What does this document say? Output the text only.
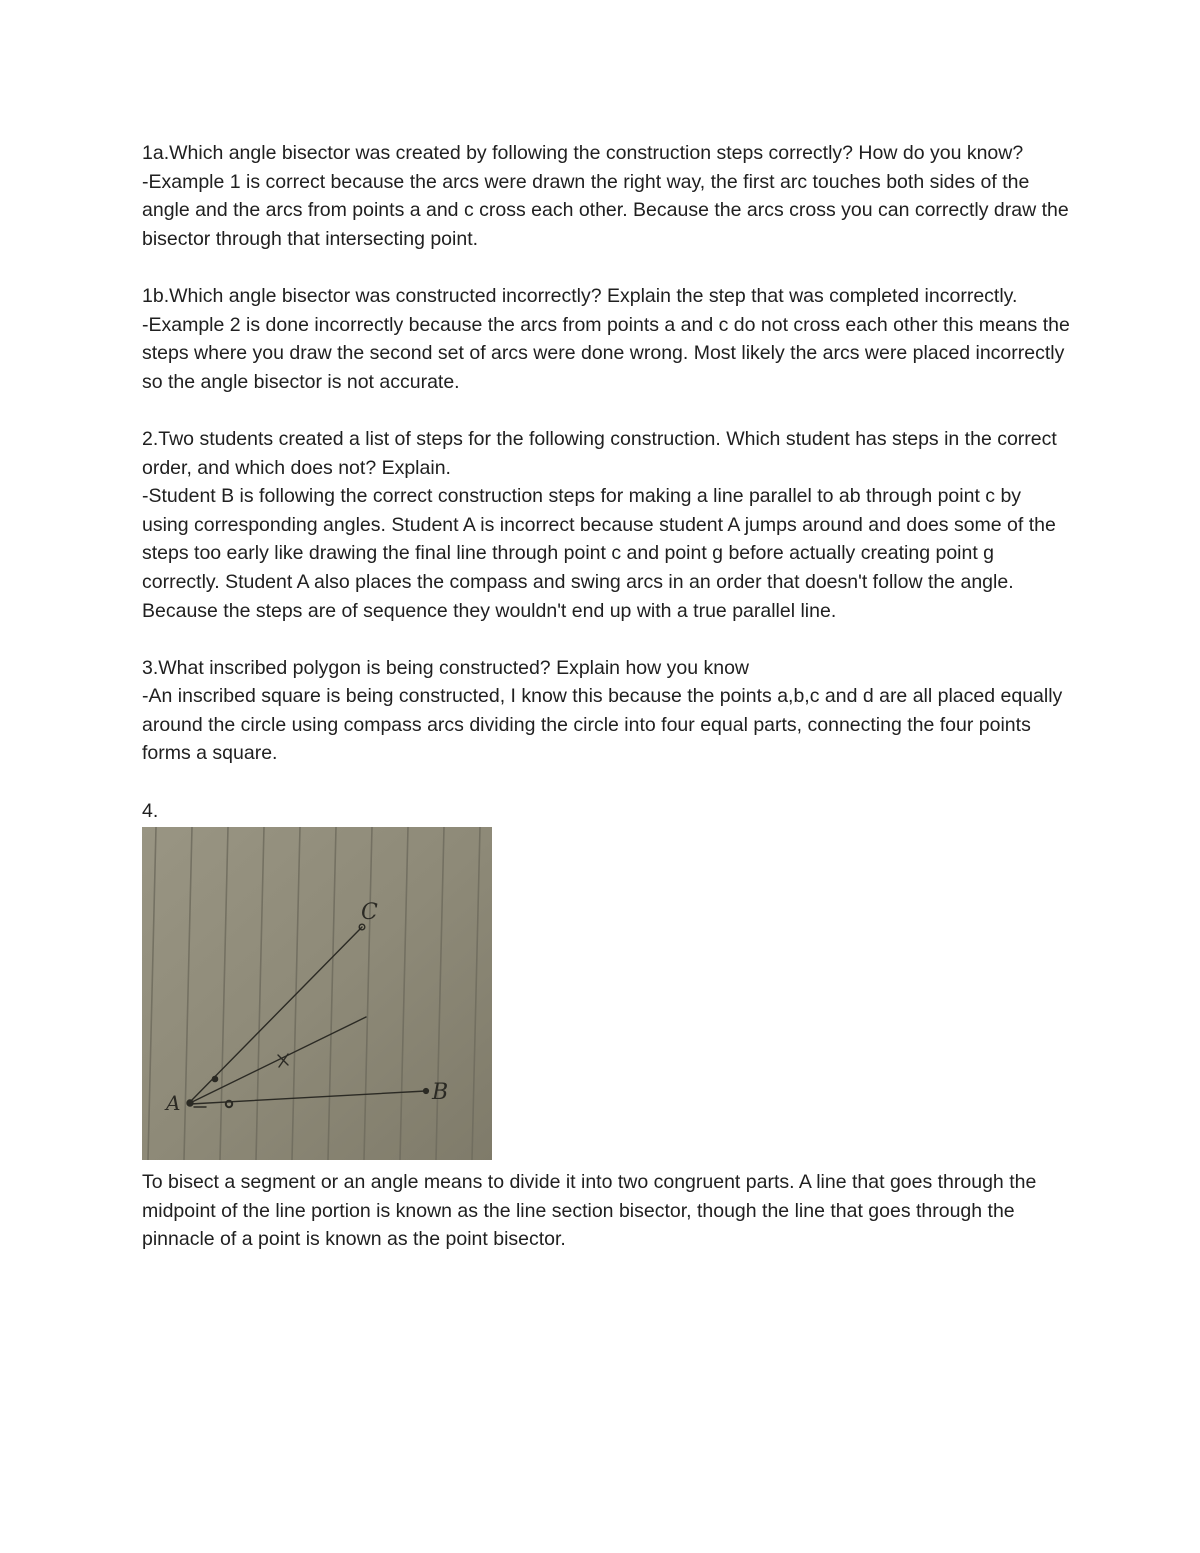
1a.Which angle bisector was created by following the construction steps correctly? How do you know?

-Example 1 is correct because the arcs were drawn the right way, the first arc touches both sides of the angle and the arcs from points a and c cross each other. Because the arcs cross you can correctly draw the bisector through that intersecting point.

1b.Which angle bisector was constructed incorrectly? Explain the step that was completed incorrectly.

-Example 2 is done incorrectly because the arcs from points a and c do not cross each other this means the steps where you draw the second set of arcs were done wrong. Most likely the arcs were placed incorrectly so the angle bisector is not accurate.

2.Two students created a list of steps for the following construction. Which student has steps in the correct order, and which does not? Explain.

-Student B is following the correct construction steps for making a line parallel to ab through point c by using corresponding angles. Student A is incorrect because student A jumps around and does some of the steps too early like drawing the final line through point c and point g before actually creating point g correctly. Student A also places the compass and swing arcs in an order that doesn't follow the angle. Because the steps are of sequence they wouldn't end up with a true parallel line.

3.What inscribed polygon is being constructed? Explain how you know

-An inscribed square is being constructed, I know this because the points a,b,c and d are all placed equally around the circle using compass arcs dividing the circle into four equal parts, connecting the four points forms a square.

4.

C
A	B

To bisect a segment or an angle means to divide it into two congruent parts. A line that goes through the midpoint of the line portion is known as the line section bisector, though the line that goes through the pinnacle of a point is known as the point bisector.
